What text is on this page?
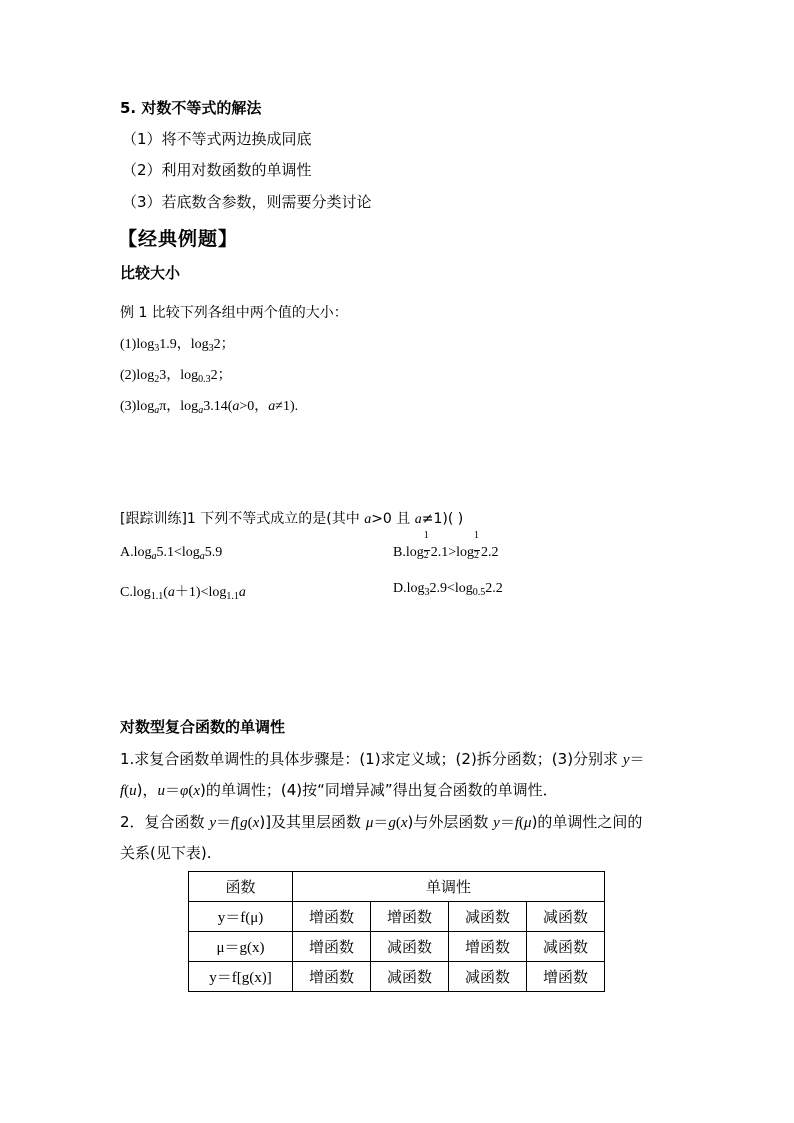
5. 对数不等式的解法
（1）将不等式两边换成同底
（2）利用对数函数的单调性
（3）若底数含参数，则需要分类讨论
【经典例题】
比较大小
例 1 比较下列各组中两个值的大小：
$(1)\log_31.9$，$\log_32$；
$(2)\log_23$，$\log_{0.3}2$；
$(3)\log_a\pi$，$\log_a3.14(a>0$，a≠1).
[跟踪训练]1 下列不等式成立的是(其中 a>0 且 a≠1)( )
$A.\log_a5.1<\log_a5.9$	$B.\log \frac{1}{2} 2.1>\log \frac{1}{2} 2.2$
$C.\log_{1.1}(a+1)<\log_{1.1}a$	$D.\log_32.9<\log_{0.5}2.2$
对数型复合函数的单调性
1.求复合函数单调性的具体步骤是：(1)求定义域；(2)拆分函数；(3)分别求 y＝
f(u)，u＝φ(x)的单调性；(4)按“同增异减”得出复合函数的单调性．
2．复合函数 y＝f[g(x)]及其里层函数 μ＝g(x)与外层函数 y＝f(μ)的单调性之间的
关系(见下表).
函数	单调性			
y＝f(μ)	增函数	增函数	减函数	减函数
μ＝g(x)	增函数	减函数	增函数	减函数
y＝f[g(x)]	增函数	减函数	减函数	增函数
